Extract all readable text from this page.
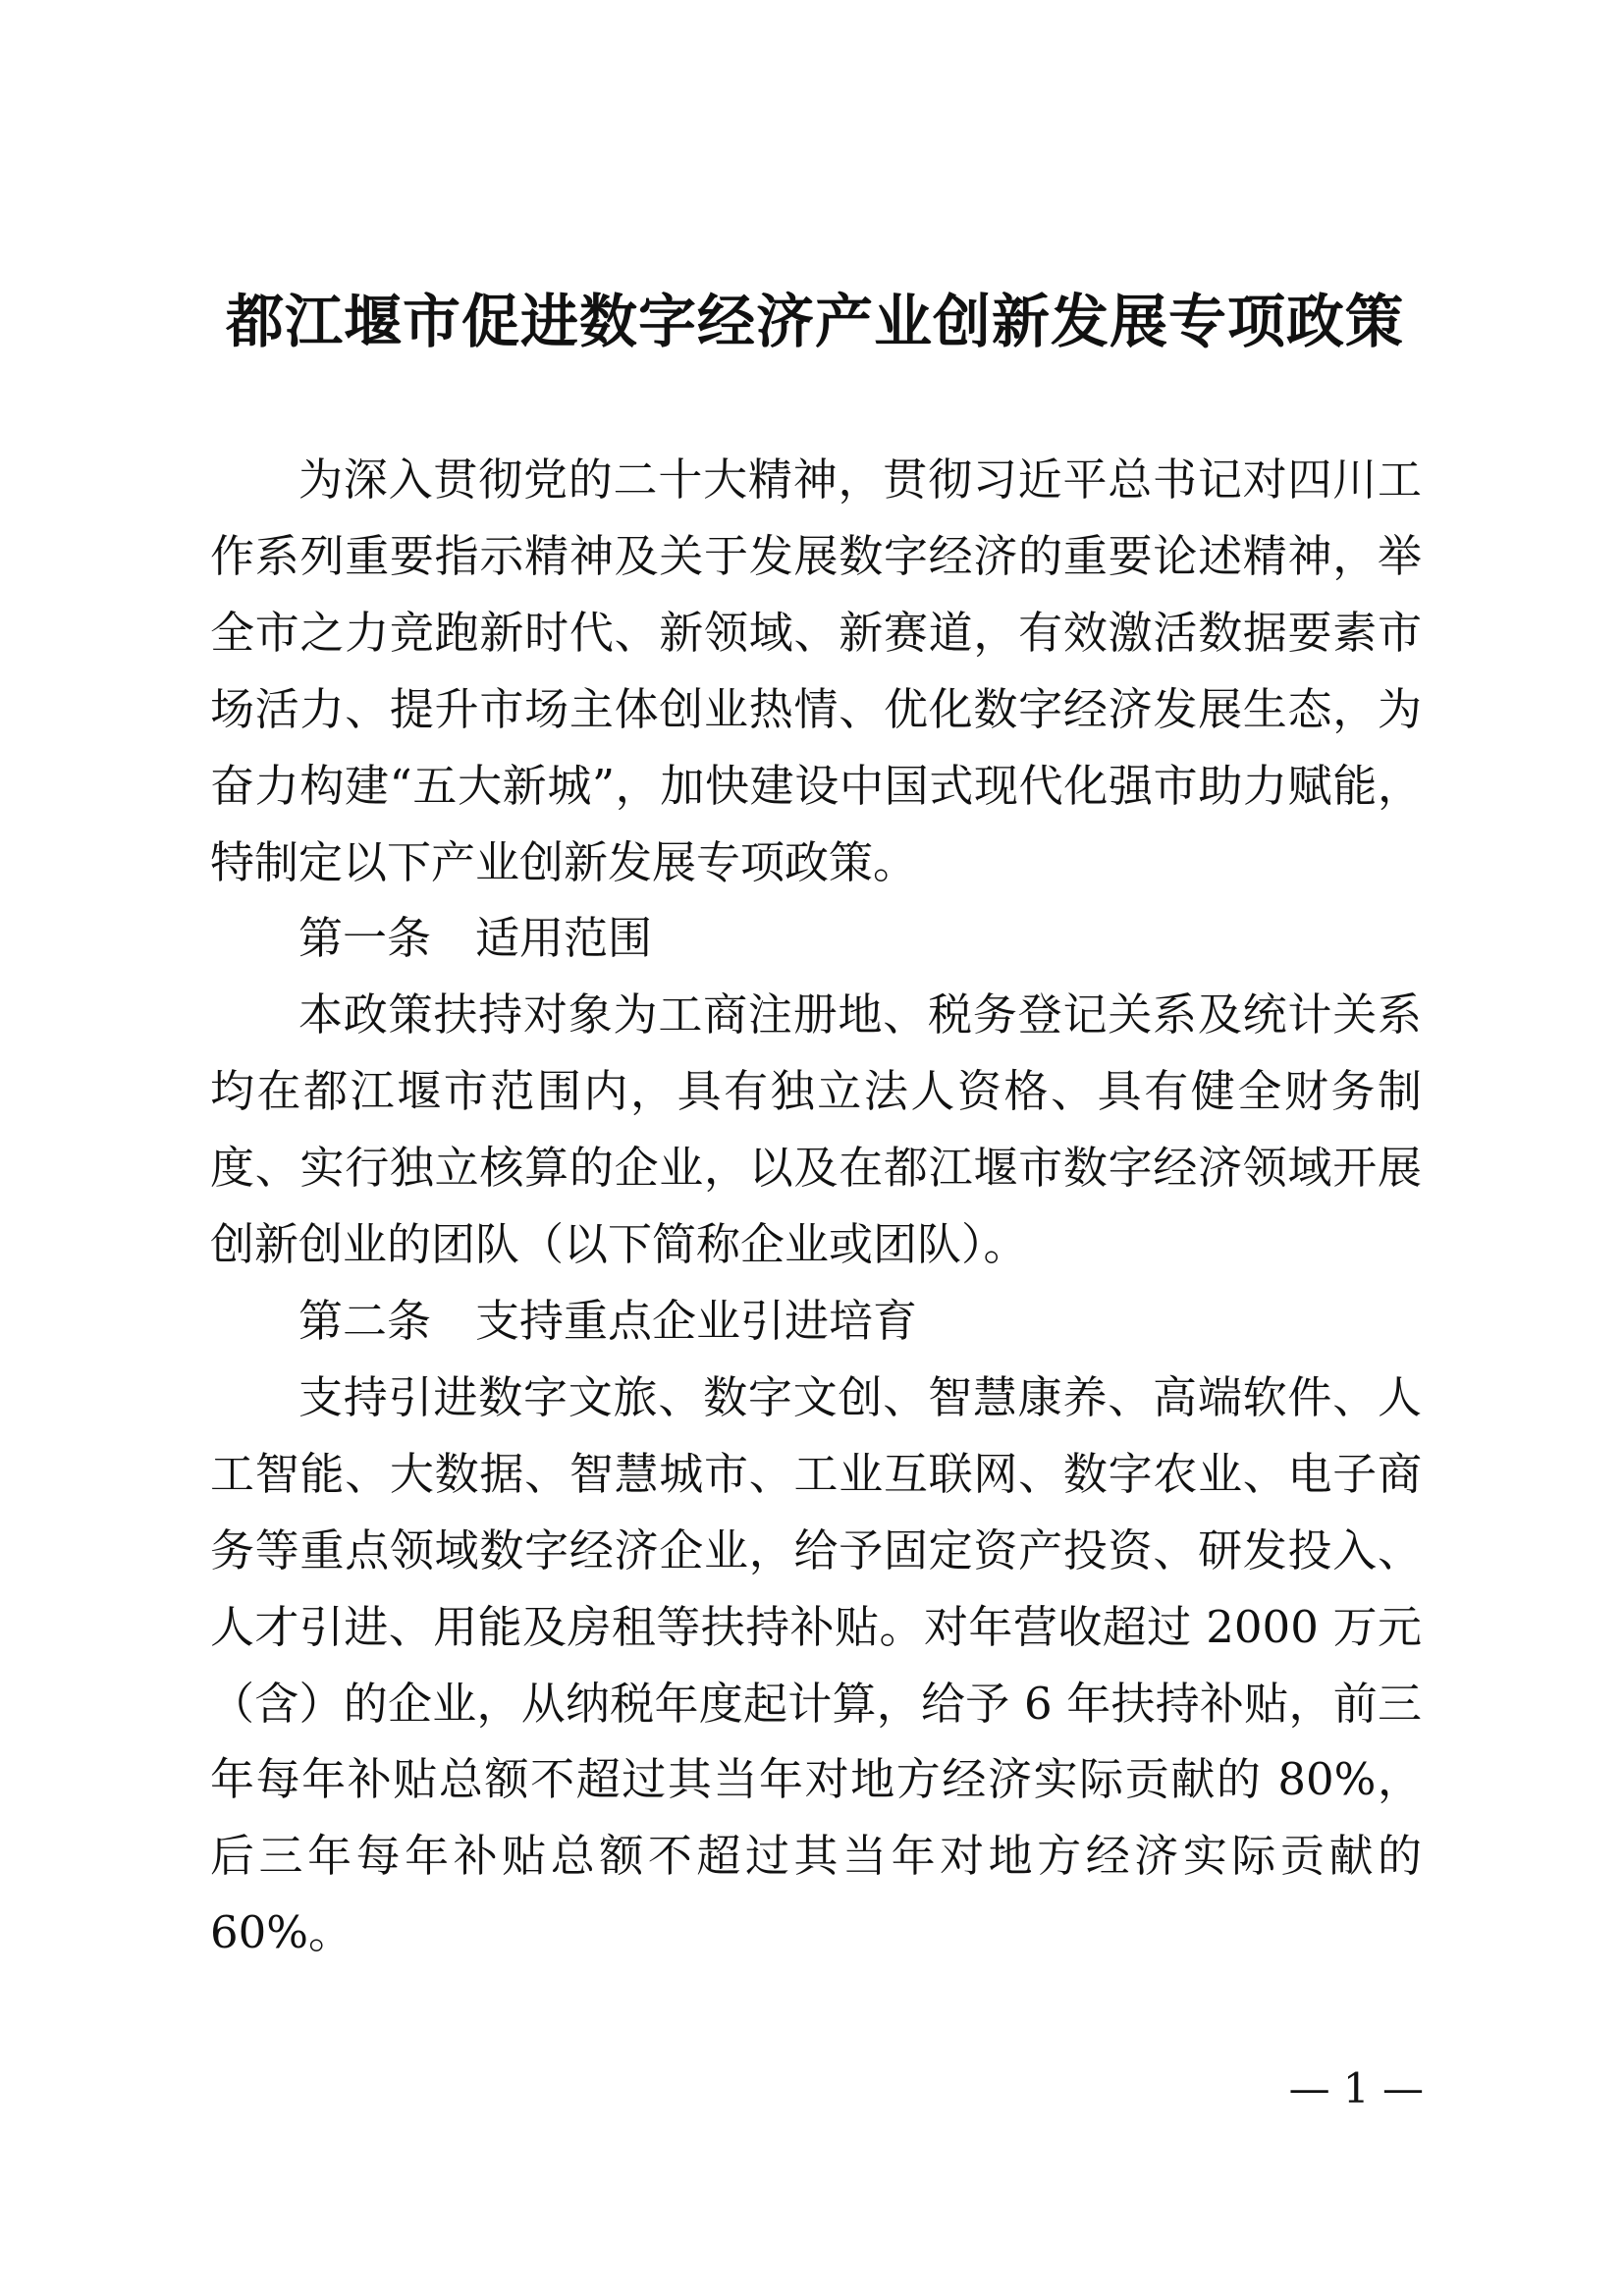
都江堰市促进数字经济产业创新发展专项政策

为深入贯彻党的二十大精神，贯彻习近平总书记对四川工作系列重要指示精神及关于发展数字经济的重要论述精神，举全市之力竞跑新时代、新领域、新赛道，有效激活数据要素市场活力、提升市场主体创业热情、优化数字经济发展生态，为奋力构建“五大新城”，加快建设中国式现代化强市助力赋能，特制定以下产业创新发展专项政策。

第一条 适用范围

本政策扶持对象为工商注册地、税务登记关系及统计关系均在都江堰市范围内，具有独立法人资格、具有健全财务制度、实行独立核算的企业，以及在都江堰市数字经济领域开展创新创业的团队（以下简称企业或团队）。

第二条 支持重点企业引进培育

支持引进数字文旅、数字文创、智慧康养、高端软件、人工智能、大数据、智慧城市、工业互联网、数字农业、电子商务等重点领域数字经济企业，给予固定资产投资、研发投入、人才引进、用能及房租等扶持补贴。对年营收超过 2000 万元（含）的企业，从纳税年度起计算，给予 6 年扶持补贴，前三年每年补贴总额不超过其当年对地方经济实际贡献的 80%，后三年每年补贴总额不超过其当年对地方经济实际贡献的 60%。

— 1 —
